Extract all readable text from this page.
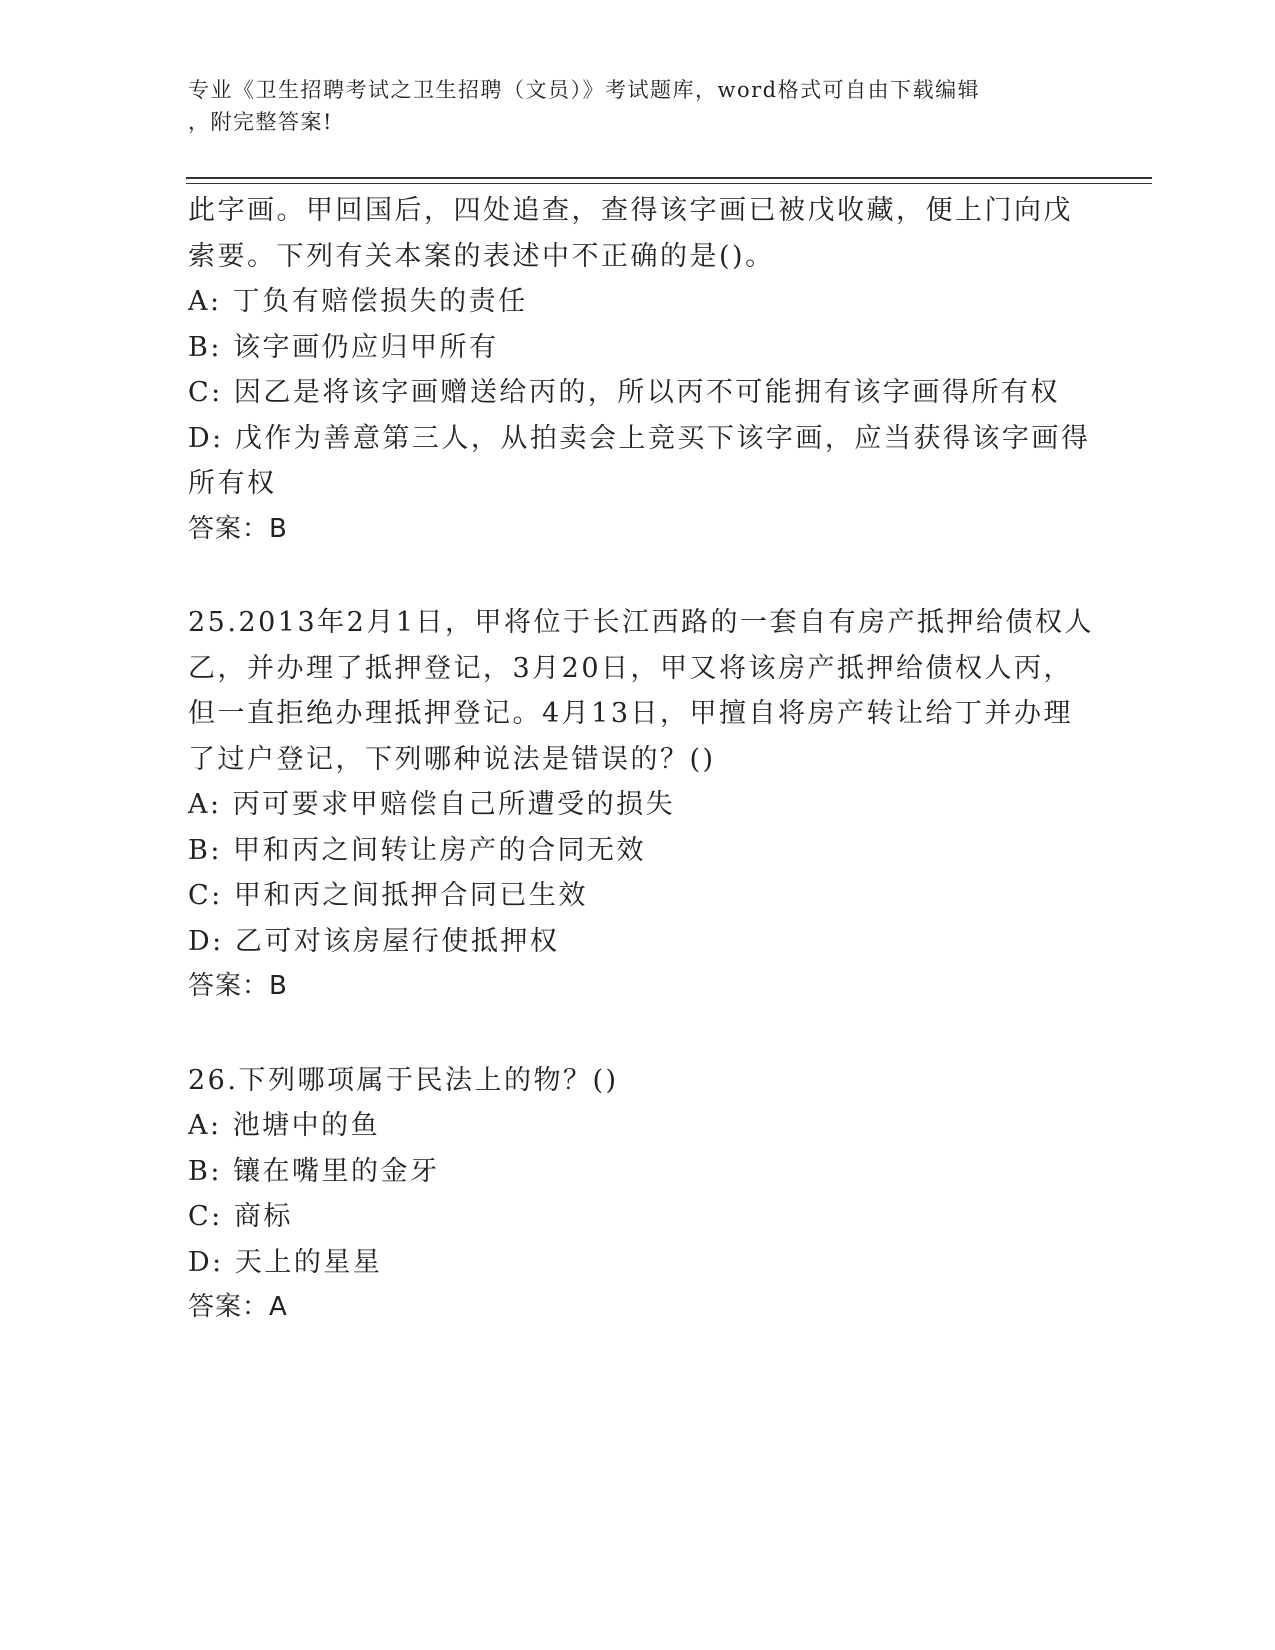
专业《卫生招聘考试之卫生招聘（文员）》考试题库，word格式可自由下载编辑
，附完整答案!
此字画。甲回国后，四处追查，查得该字画已被戊收藏，便上门向戊
索要。下列有关本案的表述中不正确的是()。
A: 丁负有赔偿损失的责任
B: 该字画仍应归甲所有
C: 因乙是将该字画赠送给丙的，所以丙不可能拥有该字画得所有权
D: 戊作为善意第三人，从拍卖会上竞买下该字画，应当获得该字画得
所有权
答案：B
25.2013年2月1日，甲将位于长江西路的一套自有房产抵押给债权人
乙，并办理了抵押登记，3月20日，甲又将该房产抵押给债权人丙，
但一直拒绝办理抵押登记。4月13日，甲擅自将房产转让给丁并办理
了过户登记，下列哪种说法是错误的？()
A: 丙可要求甲赔偿自己所遭受的损失
B: 甲和丙之间转让房产的合同无效
C: 甲和丙之间抵押合同已生效
D: 乙可对该房屋行使抵押权
答案：B
26.下列哪项属于民法上的物？()
A: 池塘中的鱼
B: 镶在嘴里的金牙
C: 商标
D: 天上的星星
答案：A
